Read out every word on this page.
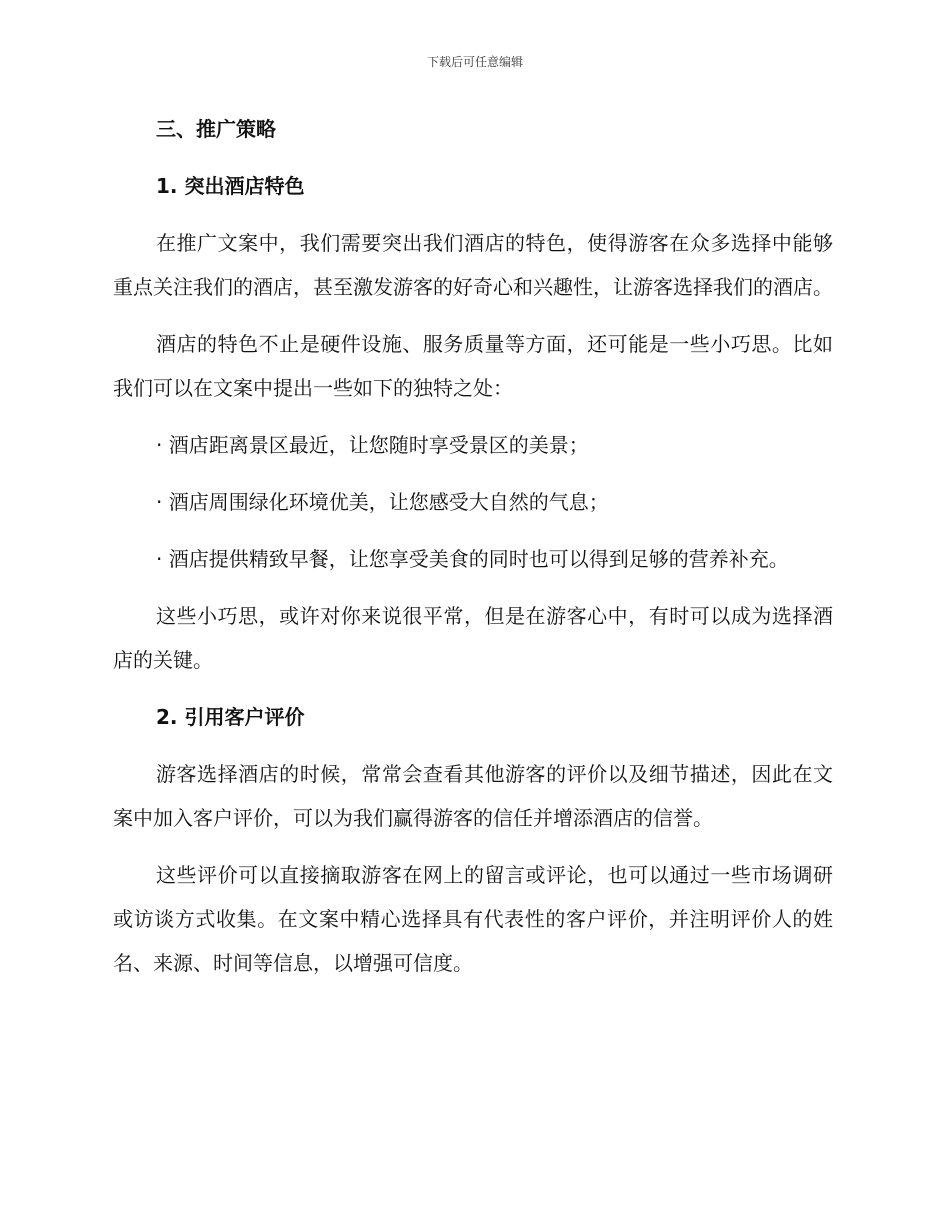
下载后可任意编辑
三、推广策略
1. 突出酒店特色

在推广文案中，我们需要突出我们酒店的特色，使得游客在众多选择中能够重点关注我们的酒店，甚至激发游客的好奇心和兴趣性，让游客选择我们的酒店。

酒店的特色不止是硬件设施、服务质量等方面，还可能是一些小巧思。比如我们可以在文案中提出一些如下的独特之处：

· 酒店距离景区最近，让您随时享受景区的美景；

· 酒店周围绿化环境优美，让您感受大自然的气息；

· 酒店提供精致早餐，让您享受美食的同时也可以得到足够的营养补充。

这些小巧思，或许对你来说很平常，但是在游客心中，有时可以成为选择酒店的关键。

2. 引用客户评价

游客选择酒店的时候，常常会查看其他游客的评价以及细节描述，因此在文案中加入客户评价，可以为我们赢得游客的信任并增添酒店的信誉。

这些评价可以直接摘取游客在网上的留言或评论，也可以通过一些市场调研或访谈方式收集。在文案中精心选择具有代表性的客户评价，并注明评价人的姓名、来源、时间等信息，以增强可信度。
